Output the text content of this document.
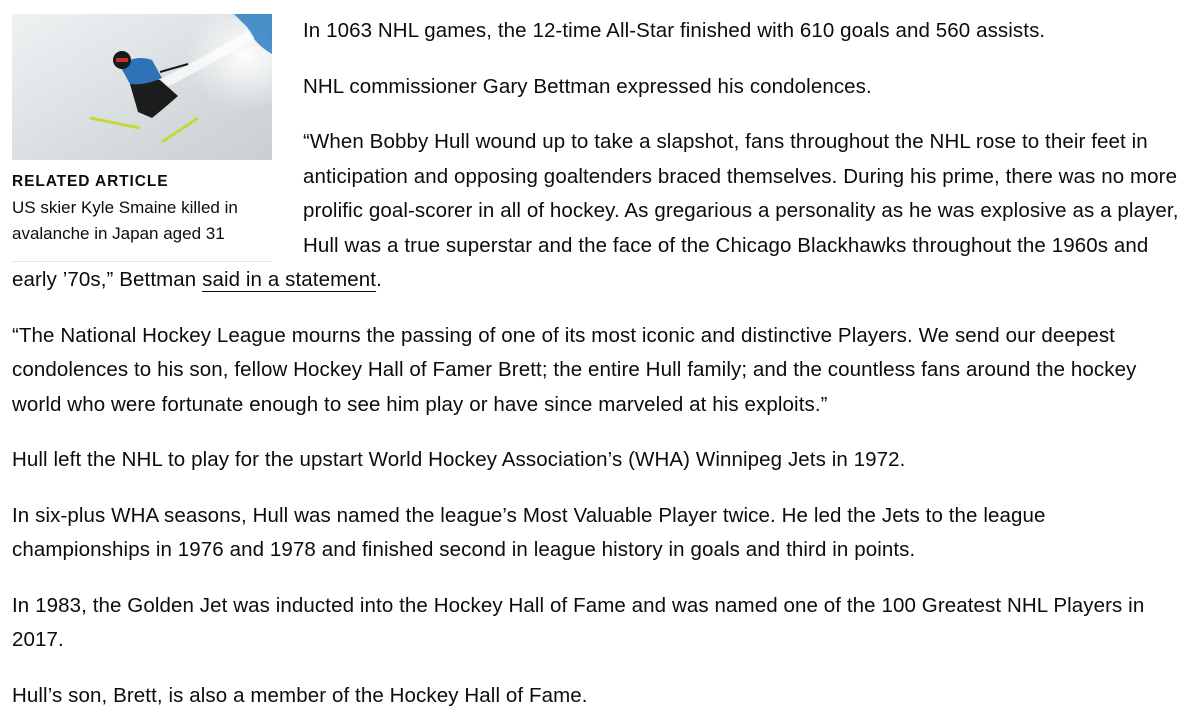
RELATED ARTICLE
US skier Kyle Smaine killed in avalanche in Japan aged 31

In 1063 NHL games, the 12-time All-Star finished with 610 goals and 560 assists.

NHL commissioner Gary Bettman expressed his condolences.

“When Bobby Hull wound up to take a slapshot, fans throughout the NHL rose to their feet in anticipation and opposing goaltenders braced themselves. During his prime, there was no more prolific goal-scorer in all of hockey. As gregarious a personality as he was explosive as a player, Hull was a true superstar and the face of the Chicago Blackhawks throughout the 1960s and early ’70s,” Bettman said in a statement.

“The National Hockey League mourns the passing of one of its most iconic and distinctive Players. We send our deepest condolences to his son, fellow Hockey Hall of Famer Brett; the entire Hull family; and the countless fans around the hockey world who were fortunate enough to see him play or have since marveled at his exploits.”

Hull left the NHL to play for the upstart World Hockey Association’s (WHA) Winnipeg Jets in 1972.

In six-plus WHA seasons, Hull was named the league’s Most Valuable Player twice. He led the Jets to the league championships in 1976 and 1978 and finished second in league history in goals and third in points.

In 1983, the Golden Jet was inducted into the Hockey Hall of Fame and was named one of the 100 Greatest NHL Players in 2017.

Hull’s son, Brett, is also a member of the Hockey Hall of Fame.
